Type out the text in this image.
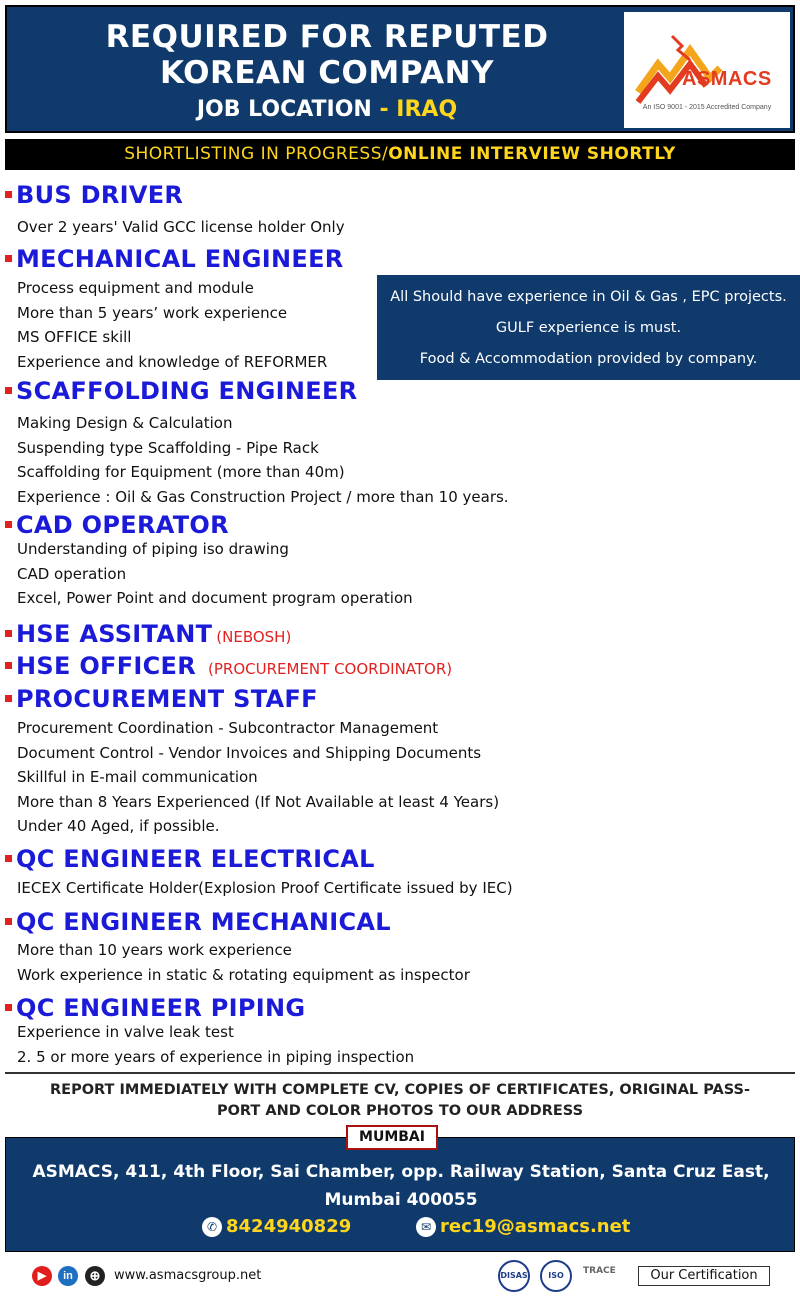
REQUIRED FOR REPUTED
KOREAN COMPANY
JOB LOCATION - IRAQ
ASMACS
An ISO 9001 - 2015 Accredited Company
SHORTLISTING IN PROGRESS/ONLINE INTERVIEW SHORTLY
BUS DRIVER
Over 2 years' Valid GCC license holder Only
MECHANICAL ENGINEER
Process equipment and module
More than 5 years’ work experience
MS OFFICE skill
Experience and knowledge of REFORMER
All Should have experience in Oil & Gas , EPC projects.
GULF experience is must.
Food & Accommodation provided by company.
SCAFFOLDING ENGINEER
Making Design & Calculation
Suspending type Scaffolding - Pipe Rack
Scaffolding for Equipment (more than 40m)
Experience : Oil & Gas Construction Project / more than 10 years.
CAD OPERATOR
Understanding of piping iso drawing
CAD operation
Excel, Power Point and document program operation
HSE ASSITANT (NEBOSH)
HSE OFFICER (PROCUREMENT COORDINATOR)
PROCUREMENT STAFF
Procurement Coordination - Subcontractor Management
Document Control - Vendor Invoices and Shipping Documents
Skillful in E-mail communication
More than 8 Years Experienced (If Not Available at least 4 Years)
Under 40 Aged, if possible.
QC ENGINEER ELECTRICAL
IECEX Certificate Holder(Explosion Proof Certificate issued by IEC)
QC ENGINEER MECHANICAL
More than 10 years work experience
Work experience in static & rotating equipment as inspector
QC ENGINEER PIPING
Experience in valve leak test
2. 5 or more years of experience in piping inspection
REPORT IMMEDIATELY WITH COMPLETE CV, COPIES OF CERTIFICATES, ORIGINAL PASS-
PORT AND COLOR PHOTOS TO OUR ADDRESS
MUMBAI
ASMACS, 411, 4th Floor, Sai Chamber, opp. Railway Station, Santa Cruz East,
Mumbai 400055
✆ 8424940829	✉ rec19@asmacs.net
▶	in	⊕	www.asmacsgroup.net	DISAS	ISO	TRACE	Our Certification
